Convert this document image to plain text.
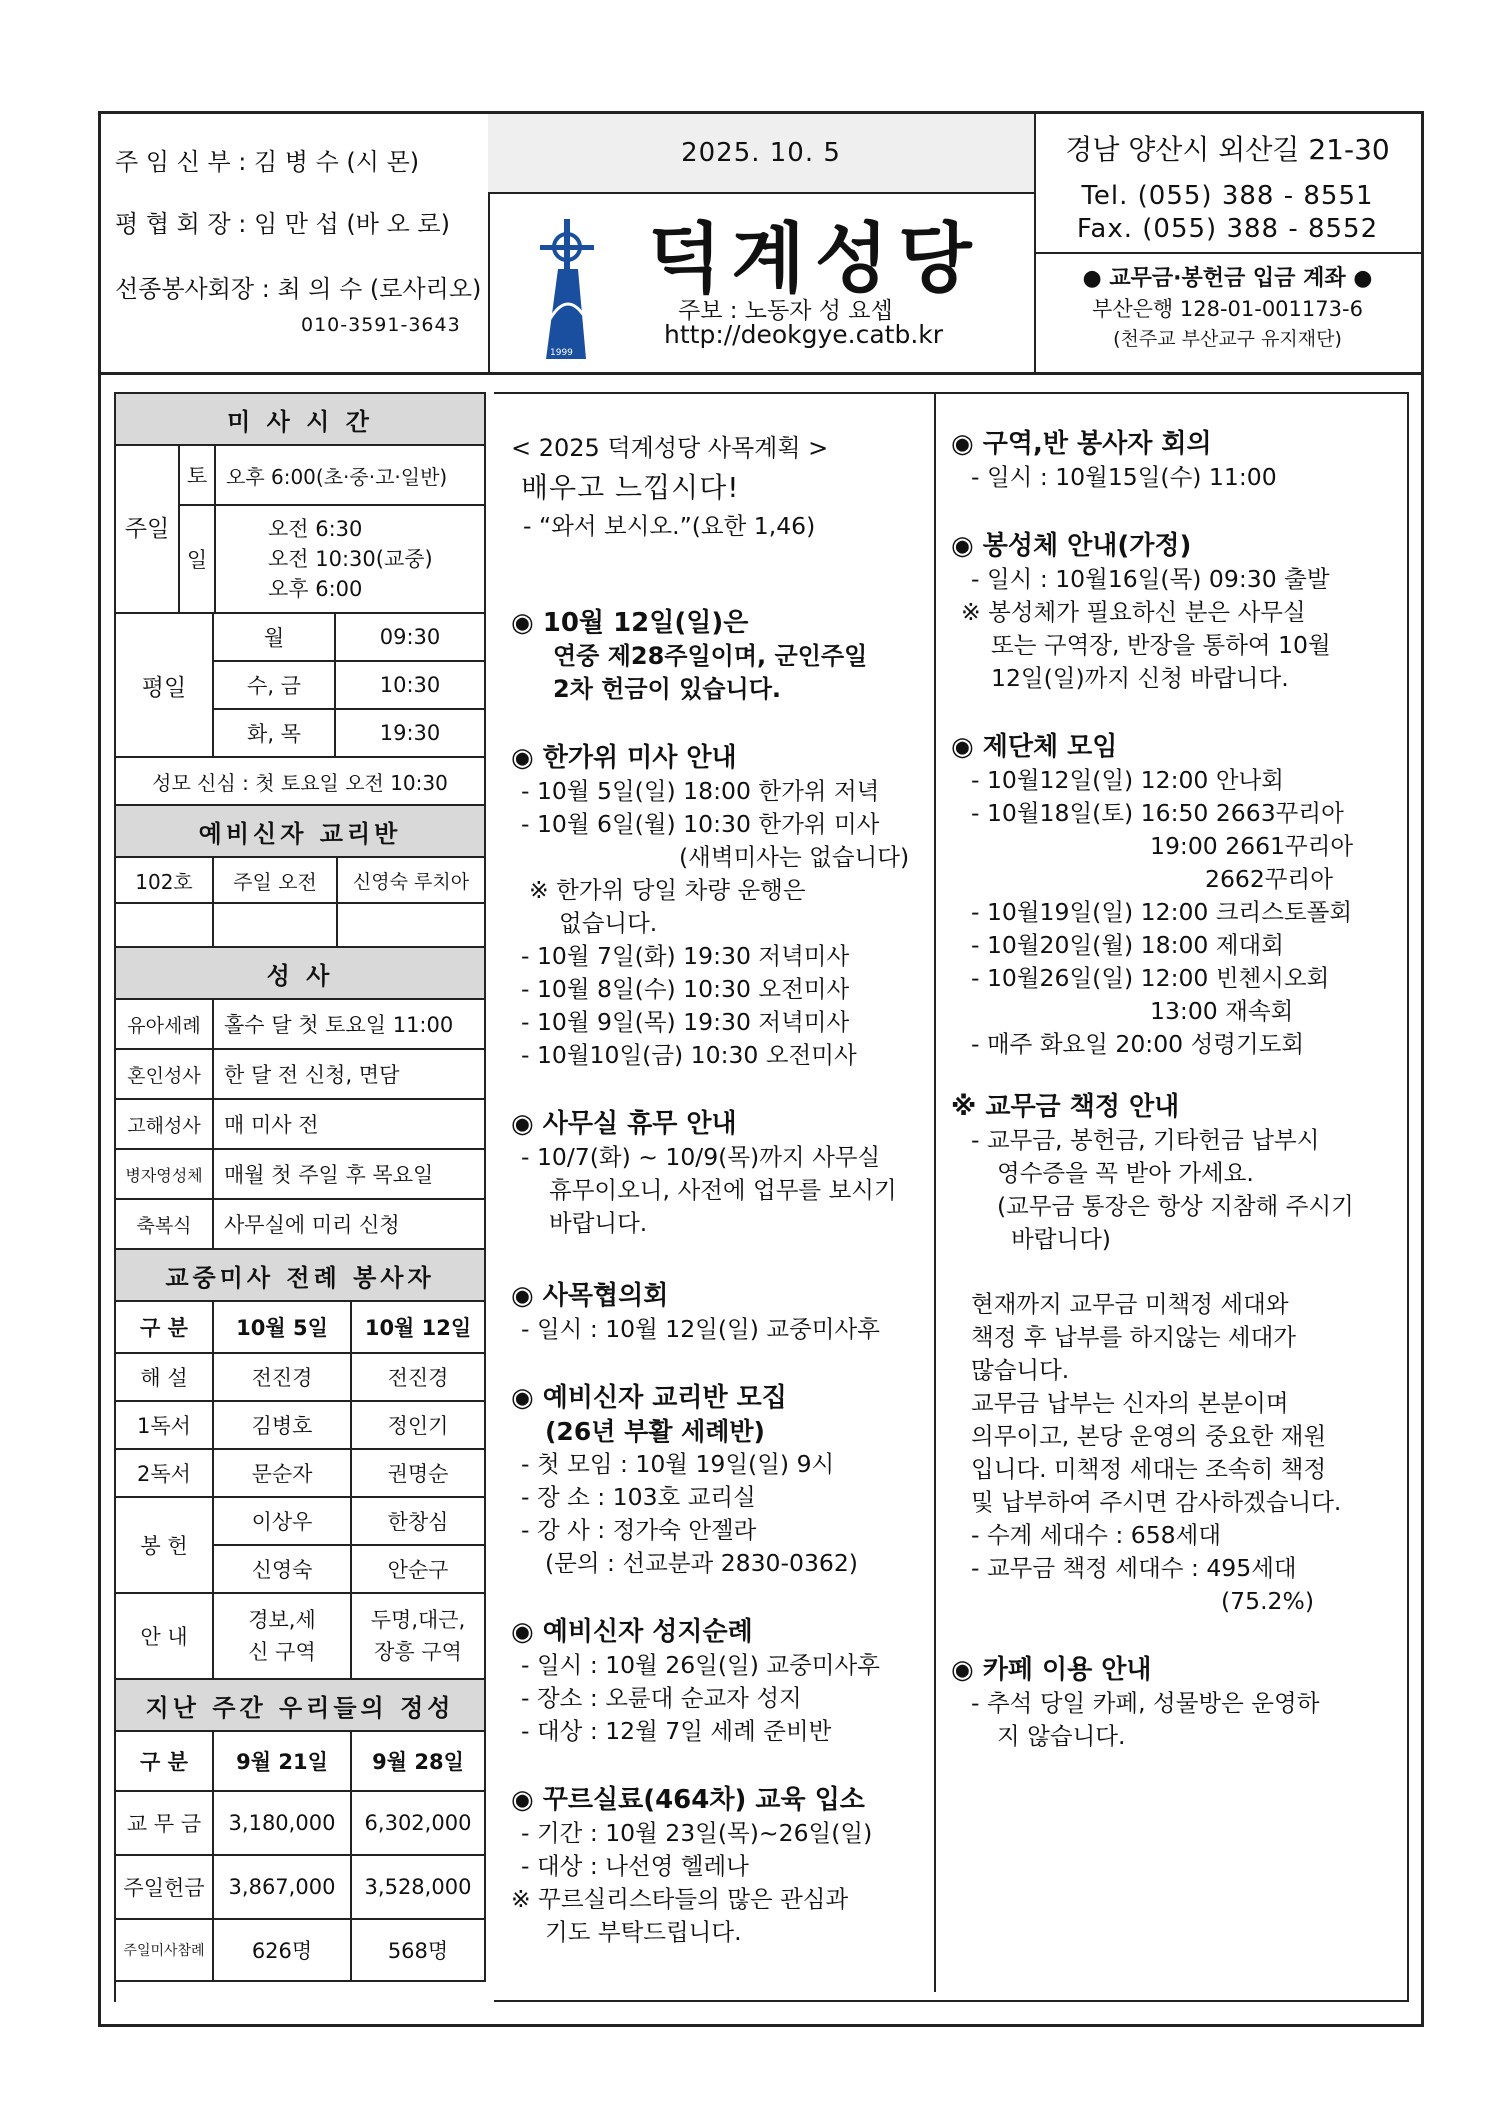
주 임 신 부 : 김 병 수 (시 몬)
평 협 회 장 : 임 만 섭 (바 오 로)
선종봉사회장 : 최 의 수 (로사리오)
010-3591-3643
2025. 10. 5
1999
덕계성당
주보 : 노동자 성 요셉
http://deokgye.catb.kr
경남 양산시 외산길 21-30
Tel. (055) 388 - 8551
Fax. (055) 388 - 8552
● 교무금·봉헌금 입금 계좌 ●
부산은행 128-01-001173-6
(천주교 부산교구 유지재단)
미 사 시 간		
주일	토	오후 6:00(초·중·고·일반)
	일	오전 6:30
오전 10:30(교중)
오후 6:00
평일	월	09:30
	수, 금	10:30
	화, 목	19:30
성모 신심 : 첫 토요일 오전 10:30		
예비신자 교리반		
102호	주일 오전	신영숙 루치아

성 사	
유아세례	홀수 달 첫 토요일 11:00
혼인성사	한 달 전 신청, 면담
고해성사	매 미사 전
병자영성체	매월 첫 주일 후 목요일
축복식	사무실에 미리 신청
교중미사 전례 봉사자		
구 분	10월 5일	10월 12일
해 설	전진경	전진경
1독서	김병호	정인기
2독서	문순자	권명순
봉 헌	이상우	한창심
	신영숙	안순구
안 내	경보,세신 구역	두명,대근, 장흥 구역
지난 주간 우리들의 정성		
구 분	9월 21일	9월 28일
교 무 금	3,180,000	6,302,000
주일헌금	3,867,000	3,528,000
주일미사참례	626명	568명
< 2025 덕계성당 사목계획 >
배우고 느낍시다!
- “와서 보시오.”(요한 1,46)
◉ 10월 12일(일)은
연중 제28주일이며, 군인주일
2차 헌금이 있습니다.
◉ 한가위 미사 안내
- 10월 5일(일) 18:00 한가위 저녁
- 10월 6일(월) 10:30 한가위 미사
(새벽미사는 없습니다)
※ 한가위 당일 차량 운행은
없습니다.
- 10월 7일(화) 19:30 저녁미사
- 10월 8일(수) 10:30 오전미사
- 10월 9일(목) 19:30 저녁미사
- 10월10일(금) 10:30 오전미사
◉ 사무실 휴무 안내
- 10/7(화) ~ 10/9(목)까지 사무실
휴무이오니, 사전에 업무를 보시기
바랍니다.
◉ 사목협의회
- 일시 : 10월 12일(일) 교중미사후
◉ 예비신자 교리반 모집
(26년 부활 세례반)
- 첫 모임 : 10월 19일(일) 9시
- 장 소 : 103호 교리실
- 강 사 : 정가숙 안젤라
(문의 : 선교분과 2830-0362)
◉ 예비신자 성지순례
- 일시 : 10월 26일(일) 교중미사후
- 장소 : 오륜대 순교자 성지
- 대상 : 12월 7일 세례 준비반
◉ 꾸르실료(464차) 교육 입소
- 기간 : 10월 23일(목)~26일(일)
- 대상 : 나선영 헬레나
※ 꾸르실리스타들의 많은 관심과
기도 부탁드립니다.
◉ 구역,반 봉사자 회의
- 일시 : 10월15일(수) 11:00
◉ 봉성체 안내(가정)
- 일시 : 10월16일(목) 09:30 출발
※ 봉성체가 필요하신 분은 사무실
또는 구역장, 반장을 통하여 10월
12일(일)까지 신청 바랍니다.
◉ 제단체 모임
- 10월12일(일) 12:00 안나회
- 10월18일(토) 16:50 2663꾸리아
19:00 2661꾸리아
2662꾸리아
- 10월19일(일) 12:00 크리스토폴회
- 10월20일(월) 18:00 제대회
- 10월26일(일) 12:00 빈첸시오회
13:00 재속회
- 매주 화요일 20:00 성령기도회
※ 교무금 책정 안내
- 교무금, 봉헌금, 기타헌금 납부시
영수증을 꼭 받아 가세요.
(교무금 통장은 항상 지참해 주시기
바랍니다)
현재까지 교무금 미책정 세대와
책정 후 납부를 하지않는 세대가
많습니다.
교무금 납부는 신자의 본분이며
의무이고, 본당 운영의 중요한 재원
입니다. 미책정 세대는 조속히 책정
및 납부하여 주시면 감사하겠습니다.
- 수계 세대수 : 658세대
- 교무금 책정 세대수 : 495세대
(75.2%)
◉ 카페 이용 안내
- 추석 당일 카페, 성물방은 운영하
지 않습니다.
